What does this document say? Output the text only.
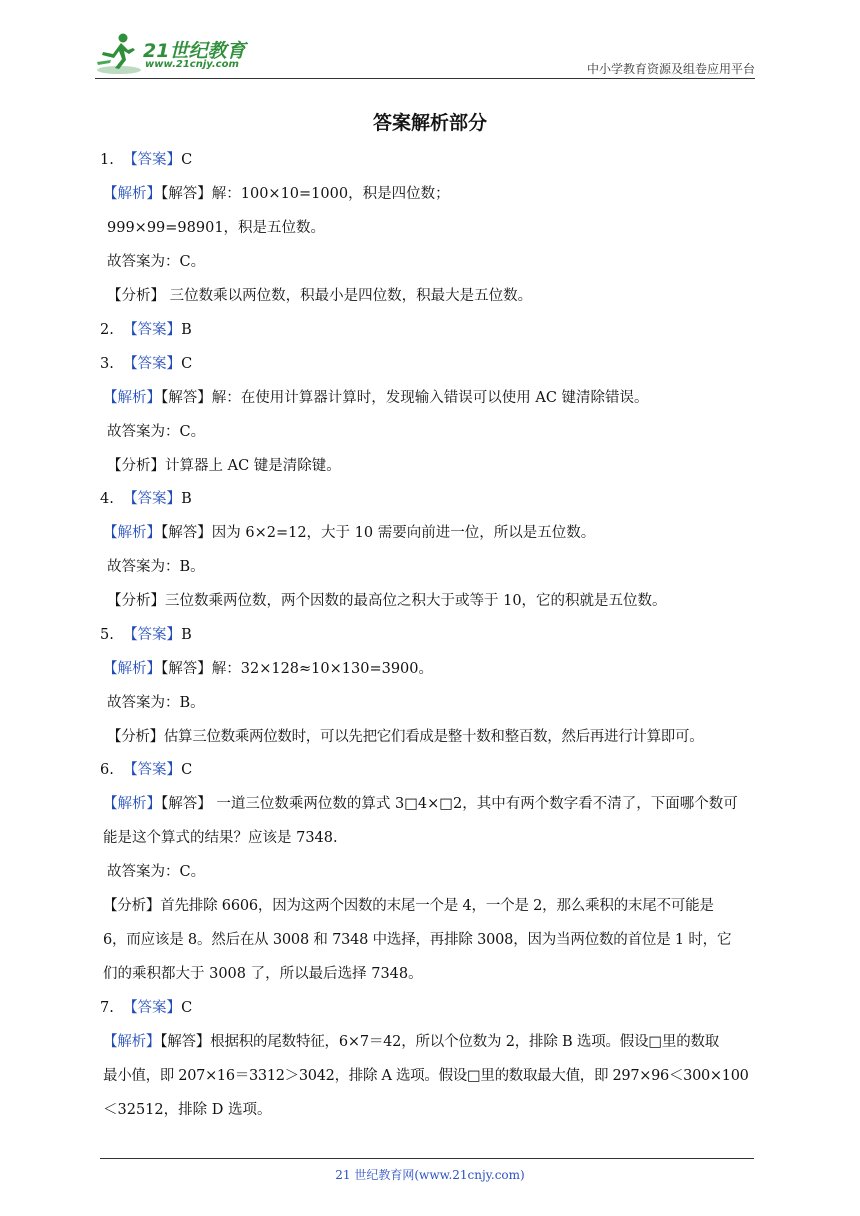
21世纪教育
www.21cnjy.com	中小学教育资源及组卷应用平台
答案解析部分
1. 【答案】C
【解析】【解答】解：100×10=1000，积是四位数；
999×99=98901，积是五位数。
故答案为：C。
【分析】 三位数乘以两位数，积最小是四位数，积最大是五位数。
2. 【答案】B
3. 【答案】C
【解析】【解答】解：在使用计算器计算时，发现输入错误可以使用 AC 键清除错误。
故答案为：C。
【分析】计算器上 AC 键是清除键。
4. 【答案】B
【解析】【解答】因为 6×2=12，大于 10 需要向前进一位，所以是五位数。
故答案为：B。
【分析】三位数乘两位数，两个因数的最高位之积大于或等于 10，它的积就是五位数。
5. 【答案】B
【解析】【解答】解：32×128≈10×130=3900。
故答案为：B。
【分析】估算三位数乘两位数时，可以先把它们看成是整十数和整百数，然后再进行计算即可。
6. 【答案】C
【解析】【解答】 一道三位数乘两位数的算式 3□4×□2，其中有两个数字看不清了，下面哪个数可
能是这个算式的结果？应该是 7348.
故答案为：C。
【分析】首先排除 6606，因为这两个因数的末尾一个是 4，一个是 2，那么乘积的末尾不可能是
6，而应该是 8。然后在从 3008 和 7348 中选择，再排除 3008，因为当两位数的首位是 1 时，它
们的乘积都大于 3008 了，所以最后选择 7348。
7. 【答案】C
【解析】【解答】根据积的尾数特征，6×7＝42，所以个位数为 2，排除 B 选项。假设□里的数取
最小值，即 207×16＝3312＞3042，排除 A 选项。假设□里的数取最大值，即 297×96＜300×100
＜32512，排除 D 选项。
21 世纪教育网(www.21cnjy.com)
